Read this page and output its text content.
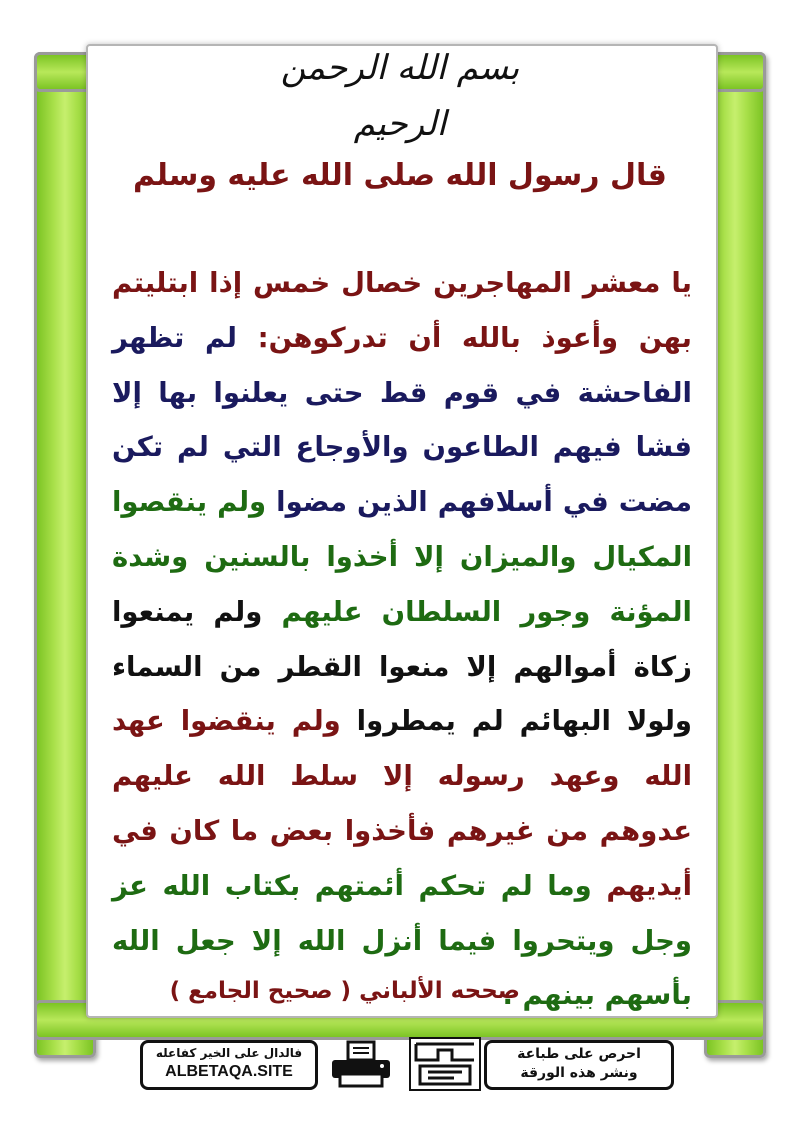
بسم الله الرحمن الرحيم
قال رسول الله صلى الله عليه وسلم
يا معشر المهاجرين خصال خمس إذا ابتليتم بهن وأعوذ بالله أن تدركوهن: لم تظهر الفاحشة في قوم قط حتى يعلنوا بها إلا فشا فيهم الطاعون والأوجاع التي لم تكن مضت في أسلافهم الذين مضوا ولم ينقصوا المكيال والميزان إلا أخذوا بالسنين وشدة المؤنة وجور السلطان عليهم ولم يمنعوا زكاة أموالهم إلا منعوا القطر من السماء ولولا البهائم لم يمطروا ولم ينقضوا عهد الله وعهد رسوله إلا سلط الله عليهم عدوهم من غيرهم فأخذوا بعض ما كان في أيديهم وما لم تحكم أئمتهم بكتاب الله عز وجل ويتحروا فيما أنزل الله إلا جعل الله بأسهم بينهم .
صححه الألباني ( صحيح الجامع )
فالدال على الخير كفاعله
ALBETAQA.SITE
احرص على طباعة
ونشر هذه الورقة
